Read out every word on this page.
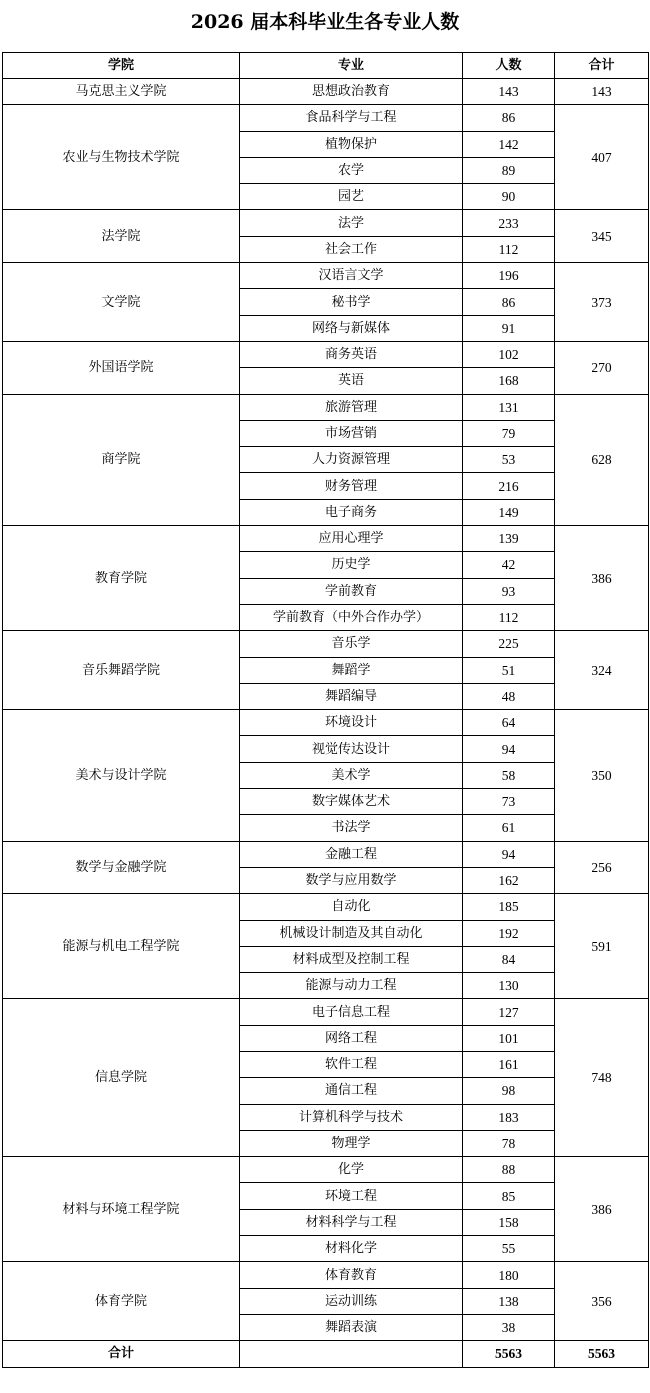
2026 届本科毕业生各专业人数
学院	专业	人数	合计
马克思主义学院	思想政治教育	143	143
农业与生物技术学院	食品科学与工程	86	407
	植物保护	142	
	农学	89	
	园艺	90	
法学院	法学	233	345
	社会工作	112	
文学院	汉语言文学	196	373
	秘书学	86	
	网络与新媒体	91	
外国语学院	商务英语	102	270
	英语	168	
商学院	旅游管理	131	628
	市场营销	79	
	人力资源管理	53	
	财务管理	216	
	电子商务	149	
教育学院	应用心理学	139	386
	历史学	42	
	学前教育	93	
	学前教育（中外合作办学）	112	
音乐舞蹈学院	音乐学	225	324
	舞蹈学	51	
	舞蹈编导	48	
美术与设计学院	环境设计	64	350
	视觉传达设计	94	
	美术学	58	
	数字媒体艺术	73	
	书法学	61	
数学与金融学院	金融工程	94	256
	数学与应用数学	162	
能源与机电工程学院	自动化	185	591
	机械设计制造及其自动化	192	
	材料成型及控制工程	84	
	能源与动力工程	130	
信息学院	电子信息工程	127	748
	网络工程	101	
	软件工程	161	
	通信工程	98	
	计算机科学与技术	183	
	物理学	78	
材料与环境工程学院	化学	88	386
	环境工程	85	
	材料科学与工程	158	
	材料化学	55	
体育学院	体育教育	180	356
	运动训练	138	
	舞蹈表演	38	
合计		5563	5563
